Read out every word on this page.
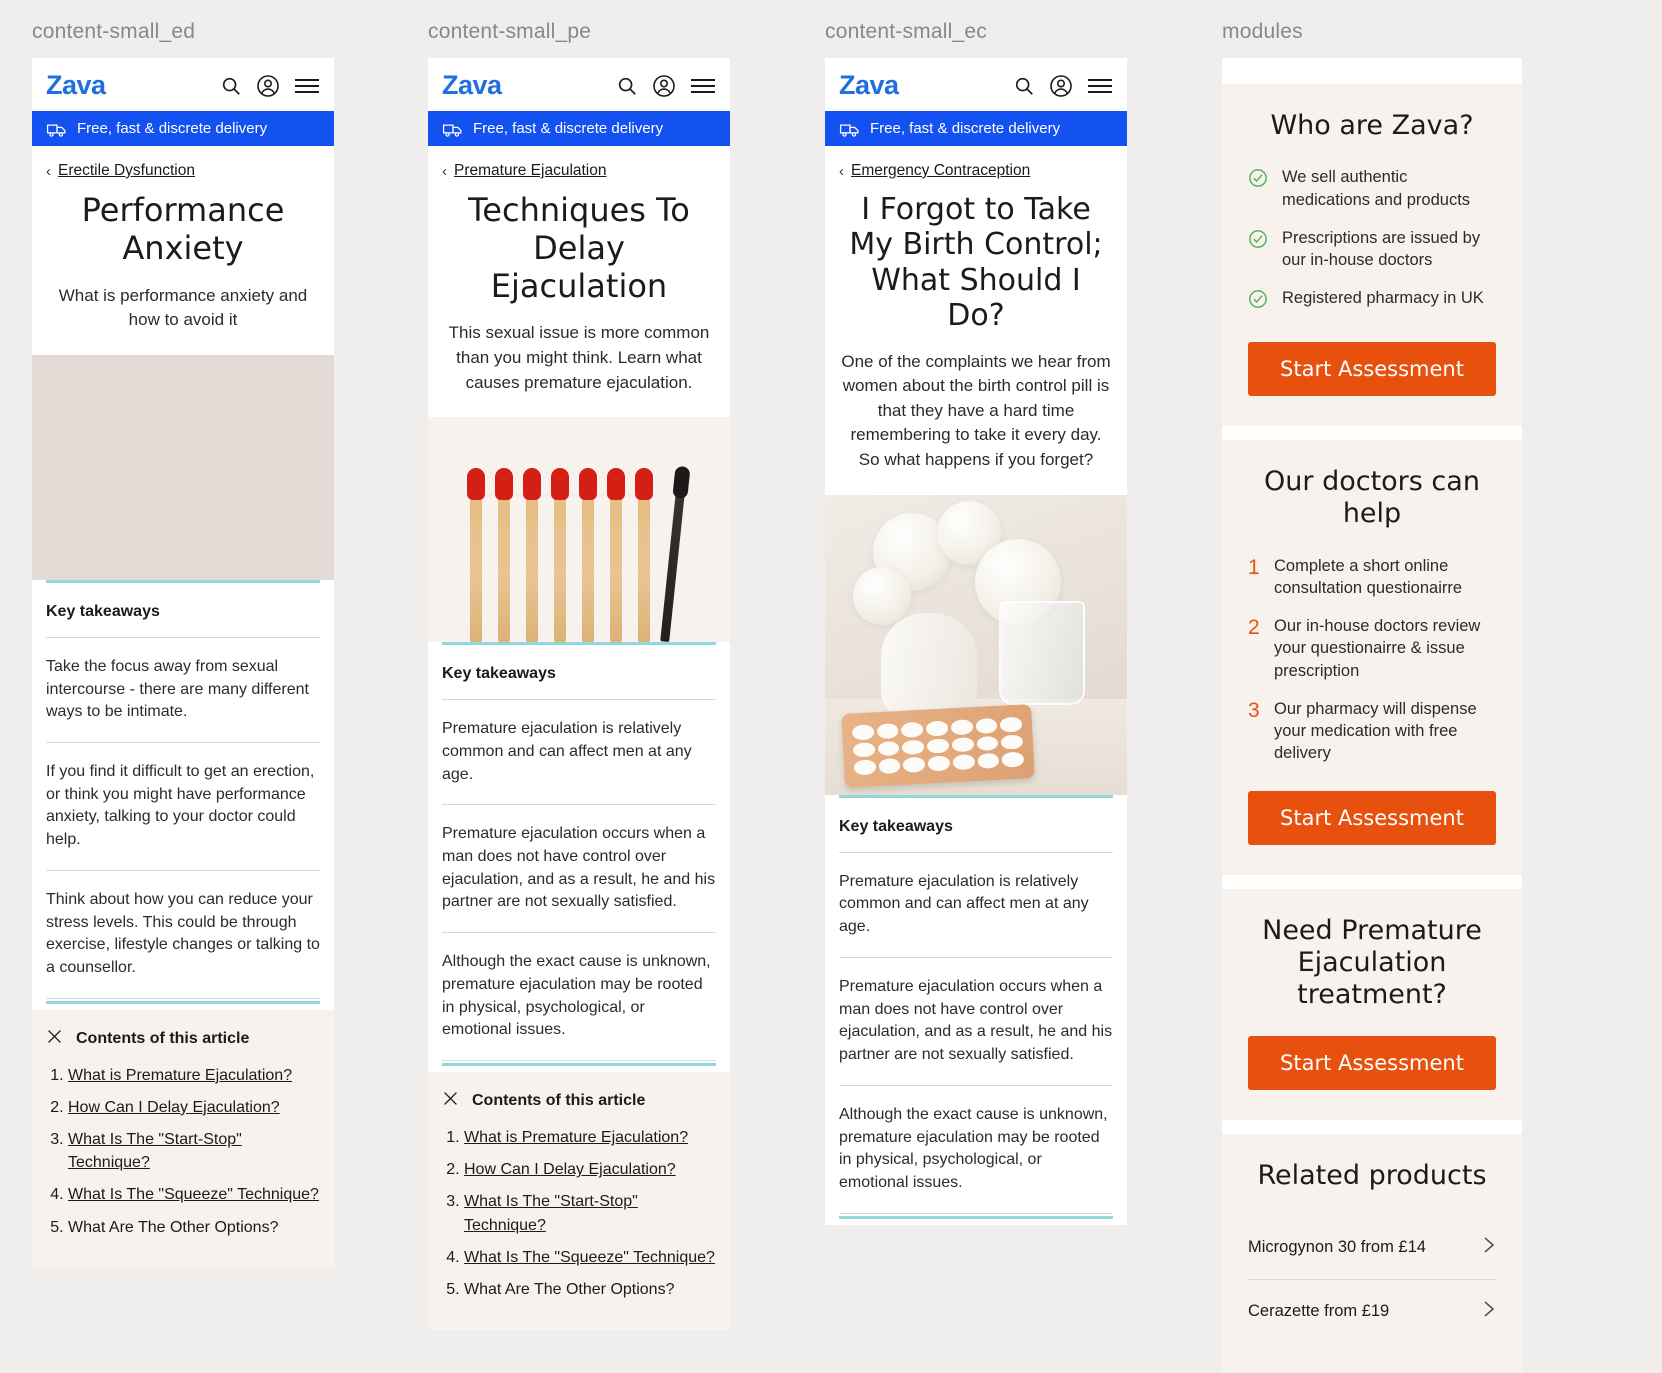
content-small_ed
Zava
Free, fast & discrete delivery
‹ Erectile Dysfunction
Performance Anxiety

What is performance anxiety and how to avoid it

Key takeaways
Take the focus away from sexual intercourse - there are many different ways to be intimate.
If you find it difficult to get an erection, or think you might have performance anxiety, talking to your doctor could help.
Think about how you can reduce your stress levels. This could be through exercise, lifestyle changes or talking to a counsellor.
Contents of this article
1. What is Premature Ejaculation?
2. How Can I Delay Ejaculation?
3. What Is The "Start-Stop" Technique?
4. What Is The "Squeeze" Technique?
5. What Are The Other Options?
content-small_pe
Zava
Free, fast & discrete delivery
‹ Premature Ejaculation
Techniques To Delay Ejaculation

This sexual issue is more common than you might think. Learn what causes premature ejaculation.

Key takeaways
Premature ejaculation is relatively common and can affect men at any age.
Premature ejaculation occurs when a man does not have control over ejaculation, and as a result, he and his partner are not sexually satisfied.
Although the exact cause is unknown, premature ejaculation may be rooted in physical, psychological, or emotional issues.
Contents of this article
1. What is Premature Ejaculation?
2. How Can I Delay Ejaculation?
3. What Is The "Start-Stop" Technique?
4. What Is The "Squeeze" Technique?
5. What Are The Other Options?
content-small_ec
Zava
Free, fast & discrete delivery
‹ Emergency Contraception
I Forgot to Take My Birth Control; What Should I Do?

One of the complaints we hear from women about the birth control pill is that they have a hard time remembering to take it every day. So what happens if you forget?

Key takeaways
Premature ejaculation is relatively common and can affect men at any age.
Premature ejaculation occurs when a man does not have control over ejaculation, and as a result, he and his partner are not sexually satisfied.
Although the exact cause is unknown, premature ejaculation may be rooted in physical, psychological, or emotional issues.
modules
Who are Zava?
We sell authentic medications and products
Prescriptions are issued by our in-house doctors
Registered pharmacy in UK
Start Assessment
Our doctors can help
1 Complete a short online consultation questionairre
2 Our in-house doctors review your questionairre & issue prescription
3 Our pharmacy will dispense your medication with free delivery
Start Assessment
Need Premature Ejaculation treatment?
Start Assessment
Related products
Microgynon 30 from £14
Cerazette from £19
